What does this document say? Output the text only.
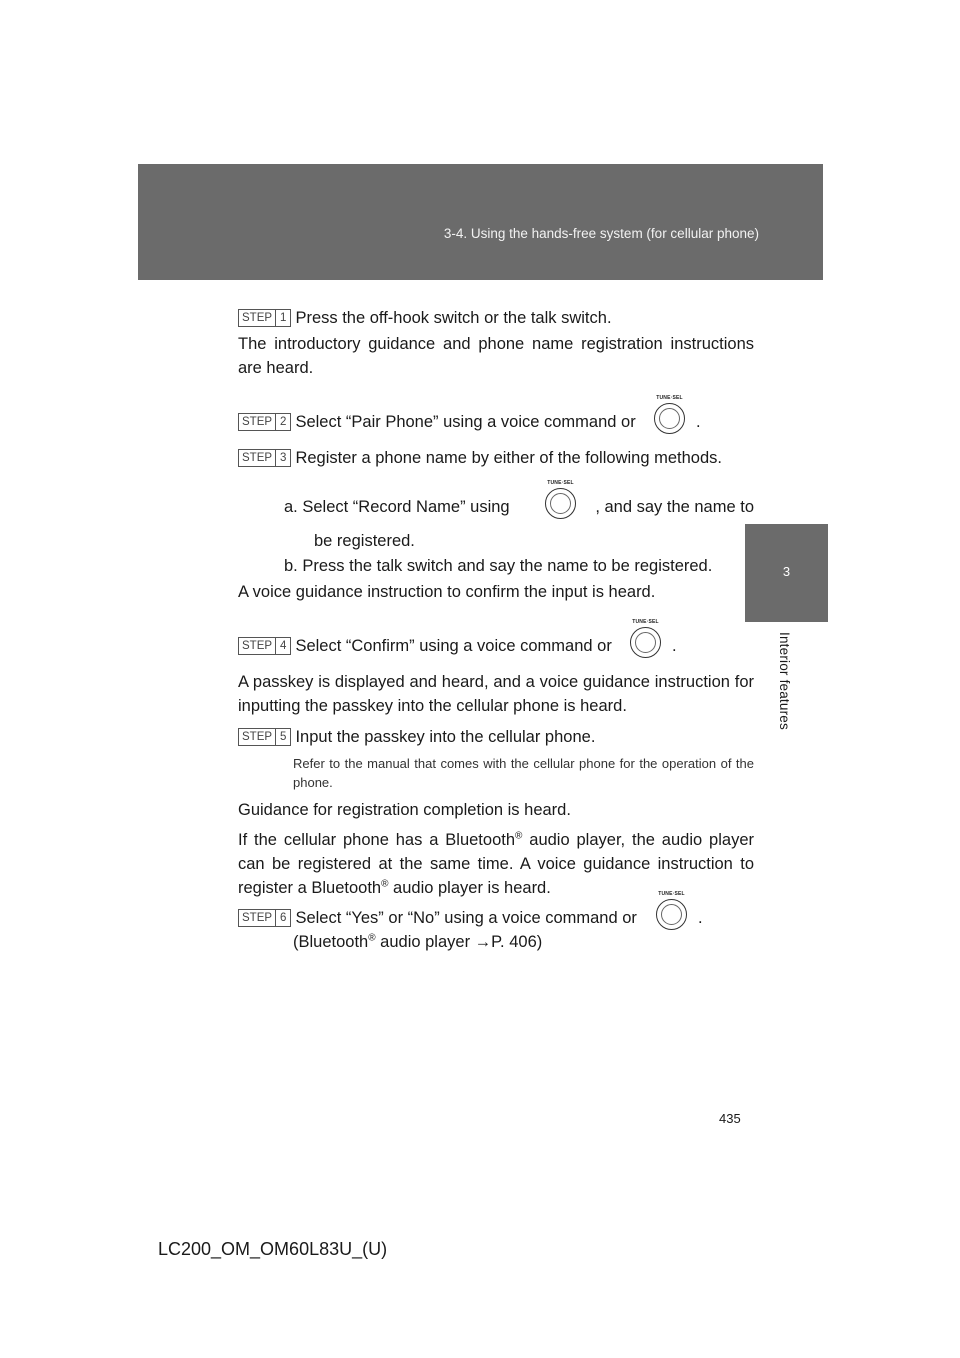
3-4. Using the hands-free system (for cellular phone)
3
Interior features
STEP 1 Press the off-hook switch or the talk switch.
The introductory guidance and phone name registration instructions are heard.
STEP 2 Select “Pair Phone” using a voice command or
TUNE·SEL
.
STEP 3 Register a phone name by either of the following methods.
a. Select “Record Name” using
TUNE·SEL
, and say the name to
be registered.
b. Press the talk switch and say the name to be registered.
A voice guidance instruction to confirm the input is heard.
STEP 4 Select “Confirm” using a voice command or
TUNE·SEL
.
A passkey is displayed and heard, and a voice guidance instruction for inputting the passkey into the cellular phone is heard.
STEP 5 Input the passkey into the cellular phone.
Refer to the manual that comes with the cellular phone for the operation of the phone.
Guidance for registration completion is heard.
If the cellular phone has a Bluetooth® audio player, the audio player can be registered at the same time. A voice guidance instruction to register a Bluetooth® audio player is heard.
STEP 6 Select “Yes” or “No” using a voice command or
TUNE·SEL
.
(Bluetooth® audio player →P. 406)
435
LC200_OM_OM60L83U_(U)
